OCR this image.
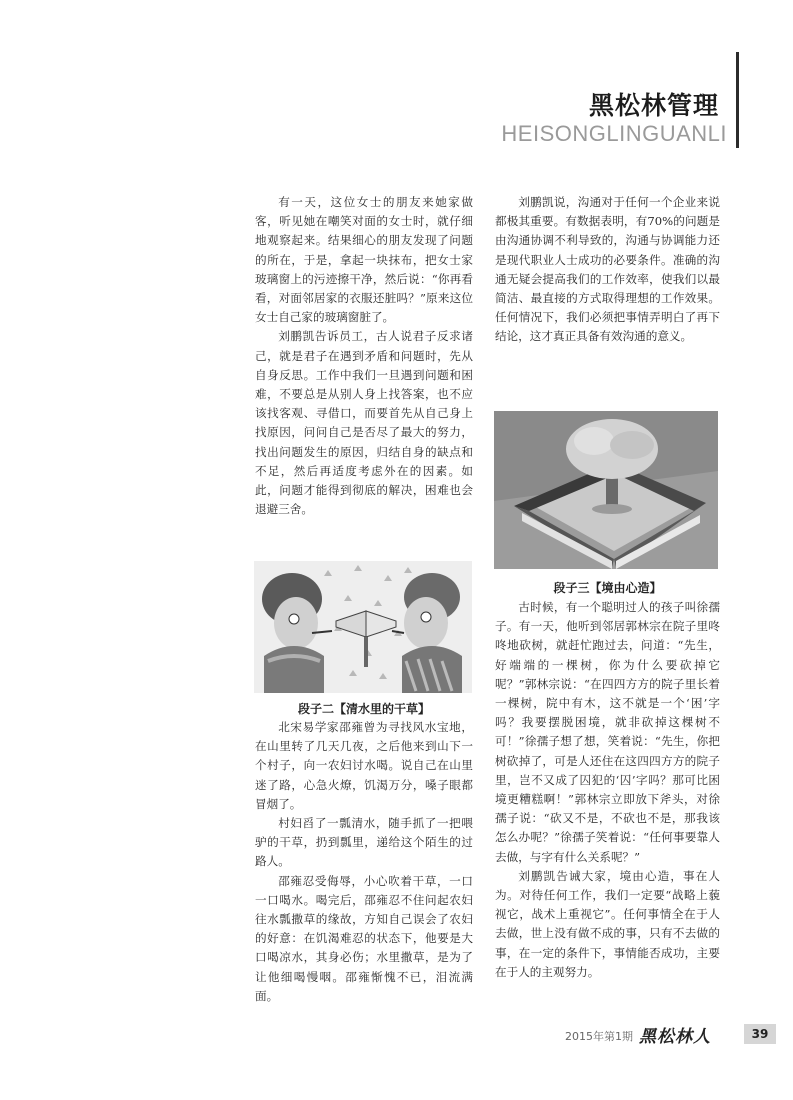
黑松林管理
HEISONGLINGUANLI

有一天，这位女士的朋友来她家做客，听见她在嘲笑对面的女士时，就仔细地观察起来。结果细心的朋友发现了问题的所在，于是，拿起一块抹布，把女士家玻璃窗上的污迹擦干净，然后说：“你再看看，对面邻居家的衣服还脏吗？”原来这位女士自己家的玻璃窗脏了。

刘鹏凯告诉员工，古人说君子反求诸己，就是君子在遇到矛盾和问题时，先从自身反思。工作中我们一旦遇到问题和困难，不要总是从别人身上找答案，也不应该找客观、寻借口，而要首先从自己身上找原因，问问自己是否尽了最大的努力，找出问题发生的原因，归结自身的缺点和不足，然后再适度考虑外在的因素。如此，问题才能得到彻底的解决，困难也会退避三舍。

刘鹏凯说，沟通对于任何一个企业来说都极其重要。有数据表明，有70%的问题是由沟通协调不利导致的，沟通与协调能力还是现代职业人士成功的必要条件。准确的沟通无疑会提高我们的工作效率，使我们以最简洁、最直接的方式取得理想的工作效果。任何情况下，我们必须把事情弄明白了再下结论，这才真正具备有效沟通的意义。

段子二【清水里的干草】

北宋易学家邵雍曾为寻找风水宝地，在山里转了几天几夜，之后他来到山下一个村子，向一农妇讨水喝。说自己在山里迷了路，心急火燎，饥渴万分，嗓子眼都冒烟了。

村妇舀了一瓢清水，随手抓了一把喂驴的干草，扔到瓢里，递给这个陌生的过路人。

邵雍忍受侮辱，小心吹着干草，一口一口喝水。喝完后，邵雍忍不住问起农妇往水瓢撒草的缘故，方知自己误会了农妇的好意：在饥渴难忍的状态下，他要是大口喝凉水，其身必伤；水里撒草，是为了让他细喝慢咽。邵雍惭愧不已，泪流满面。

段子三【境由心造】

古时候，有一个聪明过人的孩子叫徐孺子。有一天，他听到邻居郭林宗在院子里咚咚地砍树，就赶忙跑过去，问道：“先生，好端端的一棵树，你为什么要砍掉它呢？”郭林宗说：“在四四方方的院子里长着一棵树，院中有木，这不就是一个‘困’字吗？我要摆脱困境，就非砍掉这棵树不可！”徐孺子想了想，笑着说：“先生，你把树砍掉了，可是人还住在这四四方方的院子里，岂不又成了囚犯的‘囚’字吗？那可比困境更糟糕啊！”郭林宗立即放下斧头，对徐孺子说：“砍又不是，不砍也不是，那我该怎么办呢？”徐孺子笑着说：“任何事要靠人去做，与字有什么关系呢？”

刘鹏凯告诫大家，境由心造，事在人为。对待任何工作，我们一定要“战略上藐视它，战术上重视它”。任何事情全在于人去做，世上没有做不成的事，只有不去做的事，在一定的条件下，事情能否成功，主要在于人的主观努力。

2015年第1期 黑松林人	39
